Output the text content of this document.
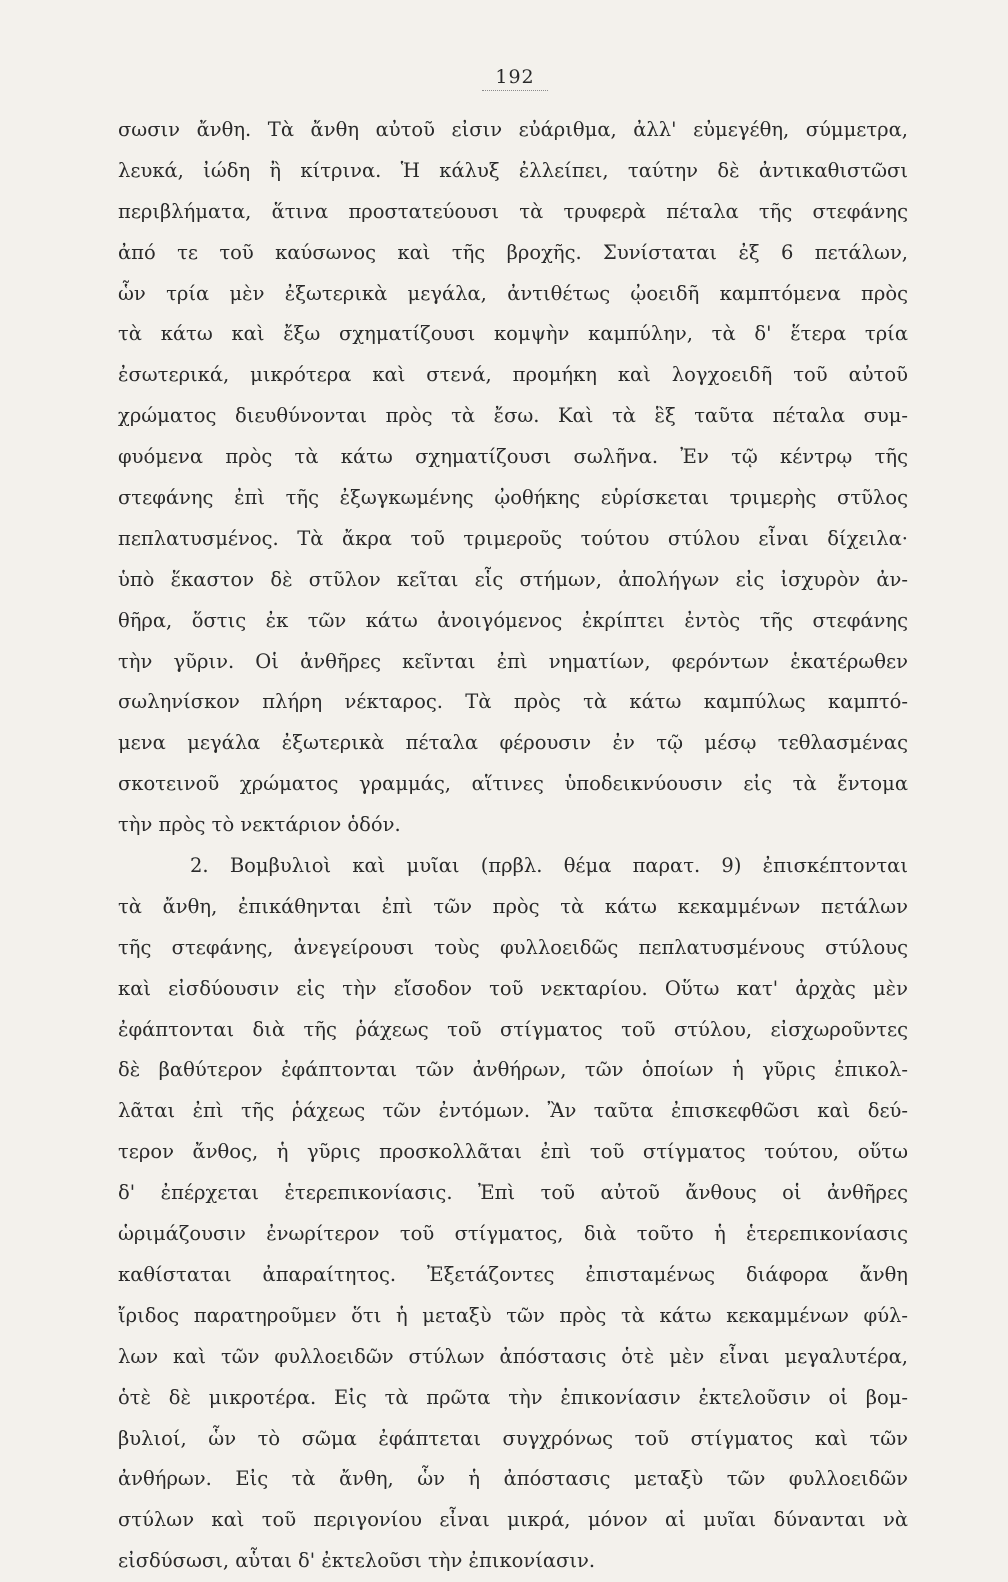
192
σωσιν ἄνθη. Τὰ ἄνθη αὐτοῦ εἰσιν εὐάριθμα, ἀλλ' εὐμεγέθη, σύμμετρα,
λευκά, ἰώδη ἢ κίτρινα. Ἡ κάλυξ ἐλλείπει, ταύτην δὲ ἀντικαθιστῶσι
περιβλήματα, ἅτινα προστατεύουσι τὰ τρυφερὰ πέταλα τῆς στεφάνης
ἀπό τε τοῦ καύσωνος καὶ τῆς βροχῆς. Συνίσταται ἐξ 6 πετάλων,
ὧν τρία μὲν ἐξωτερικὰ μεγάλα, ἀντιθέτως ᾠοειδῆ καμπτόμενα πρὸς
τὰ κάτω καὶ ἔξω σχηματίζουσι κομψὴν καμπύλην, τὰ δ' ἕτερα τρία
ἐσωτερικά, μικρότερα καὶ στενά, προμήκη καὶ λογχοειδῆ τοῦ αὐτοῦ
χρώματος διευθύνονται πρὸς τὰ ἔσω. Καὶ τὰ ἓξ ταῦτα πέταλα συμ-
φυόμενα πρὸς τὰ κάτω σχηματίζουσι σωλῆνα. Ἐν τῷ κέντρῳ τῆς
στεφάνης ἐπὶ τῆς ἐξωγκωμένης ᾠοθήκης εὑρίσκεται τριμερὴς στῦλος
πεπλατυσμένος. Τὰ ἄκρα τοῦ τριμεροῦς τούτου στύλου εἶναι δίχειλα·
ὑπὸ ἕκαστον δὲ στῦλον κεῖται εἷς στήμων, ἀπολήγων εἰς ἰσχυρὸν ἀν-
θῆρα, ὅστις ἐκ τῶν κάτω ἀνοιγόμενος ἐκρίπτει ἐντὸς τῆς στεφάνης
τὴν γῦριν. Οἱ ἀνθῆρες κεῖνται ἐπὶ νηματίων, φερόντων ἑκατέρωθεν
σωληνίσκον πλήρη νέκταρος. Τὰ πρὸς τὰ κάτω καμπύλως καμπτό-
μενα μεγάλα ἐξωτερικὰ πέταλα φέρουσιν ἐν τῷ μέσῳ τεθλασμένας
σκοτεινοῦ χρώματος γραμμάς, αἵτινες ὑποδεικνύουσιν εἰς τὰ ἔντομα
τὴν πρὸς τὸ νεκτάριον ὁδόν.
2. Βομβυλιοὶ καὶ μυῖαι (πρβλ. θέμα παρατ. 9) ἐπισκέπτονται
τὰ ἄνθη, ἐπικάθηνται ἐπὶ τῶν πρὸς τὰ κάτω κεκαμμένων πετάλων
τῆς στεφάνης, ἀνεγείρουσι τοὺς φυλλοειδῶς πεπλατυσμένους στύλους
καὶ εἰσδύουσιν εἰς τὴν εἴσοδον τοῦ νεκταρίου. Οὕτω κατ' ἀρχὰς μὲν
ἐφάπτονται διὰ τῆς ῥάχεως τοῦ στίγματος τοῦ στύλου, εἰσχωροῦντες
δὲ βαθύτερον ἐφάπτονται τῶν ἀνθήρων, τῶν ὁποίων ἡ γῦρις ἐπικολ-
λᾶται ἐπὶ τῆς ῥάχεως τῶν ἐντόμων. Ἂν ταῦτα ἐπισκεφθῶσι καὶ δεύ-
τερον ἄνθος, ἡ γῦρις προσκολλᾶται ἐπὶ τοῦ στίγματος τούτου, οὕτω
δ' ἐπέρχεται ἑτερεπικονίασις. Ἐπὶ τοῦ αὐτοῦ ἄνθους οἱ ἀνθῆρες
ὡριμάζουσιν ἐνωρίτερον τοῦ στίγματος, διὰ τοῦτο ἡ ἑτερεπικονίασις
καθίσταται ἀπαραίτητος. Ἐξετάζοντες ἐπισταμένως διάφορα ἄνθη
ἴριδος παρατηροῦμεν ὅτι ἡ μεταξὺ τῶν πρὸς τὰ κάτω κεκαμμένων φύλ-
λων καὶ τῶν φυλλοειδῶν στύλων ἀπόστασις ὁτὲ μὲν εἶναι μεγαλυτέρα,
ὁτὲ δὲ μικροτέρα. Εἰς τὰ πρῶτα τὴν ἐπικονίασιν ἐκτελοῦσιν οἱ βομ-
βυλιοί, ὧν τὸ σῶμα ἐφάπτεται συγχρόνως τοῦ στίγματος καὶ τῶν
ἀνθήρων. Εἰς τὰ ἄνθη, ὧν ἡ ἀπόστασις μεταξὺ τῶν φυλλοειδῶν
στύλων καὶ τοῦ περιγονίου εἶναι μικρά, μόνον αἱ μυῖαι δύνανται νὰ
εἰσδύσωσι, αὗται δ' ἐκτελοῦσι τὴν ἐπικονίασιν.
